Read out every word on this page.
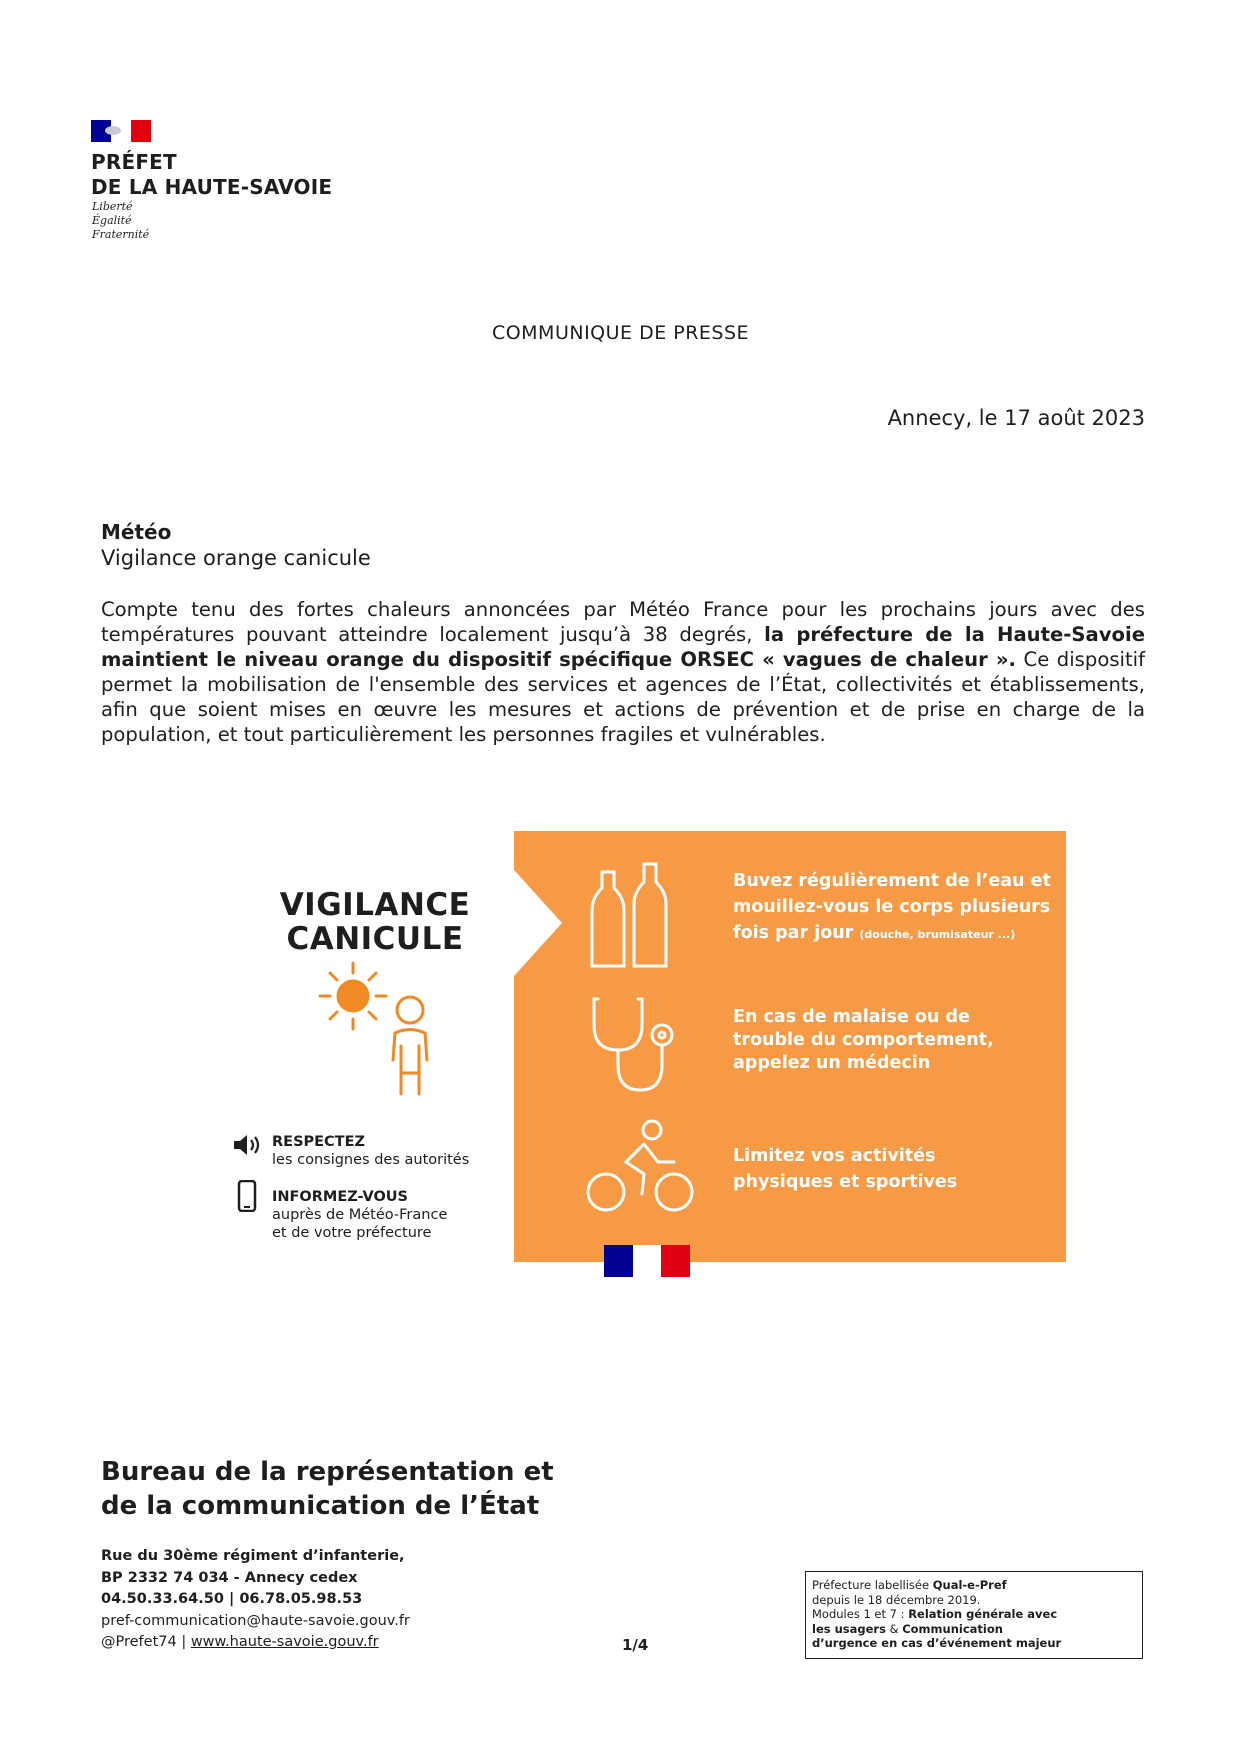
PRÉFET
DE LA HAUTE-SAVOIE
Liberté
Égalité
Fraternité
COMMUNIQUE DE PRESSE
Annecy, le 17 août 2023
Météo
Vigilance orange canicule
Compte tenu des fortes chaleurs annoncées par Météo France pour les prochains jours avec des températures pouvant atteindre localement jusqu’à 38 degrés, la préfecture de la Haute-Savoie maintient le niveau orange du dispositif spécifique ORSEC « vagues de chaleur ». Ce dispositif permet la mobilisation de l'ensemble des services et agences de l’État, collectivités et établissements, afin que soient mises en œuvre les mesures et actions de prévention et de prise en charge de la population, et tout particulièrement les personnes fragiles et vulnérables.
VIGILANCE
CANICULE
Buvez régulièrement de l’eau et mouillez-vous le corps plusieurs fois par jour (douche, brumisateur ...)
En cas de malaise ou de trouble du comportement, appelez un médecin
Limitez vos activités physiques et sportives
RESPECTEZ
les consignes des autorités
INFORMEZ-VOUS
auprès de Météo-France
et de votre préfecture
Bureau de la représentation et
de la communication de l’État
Rue du 30ème régiment d’infanterie,
BP 2332 74 034 - Annecy cedex
04.50.33.64.50 | 06.78.05.98.53
pref-communication@haute-savoie.gouv.fr
@Prefet74 | www.haute-savoie.gouv.fr	1/4
Préfecture labellisée Qual-e-Pref
depuis le 18 décembre 2019.
Modules 1 et 7 : Relation générale avec
les usagers & Communication
d’urgence en cas d’événement majeur
